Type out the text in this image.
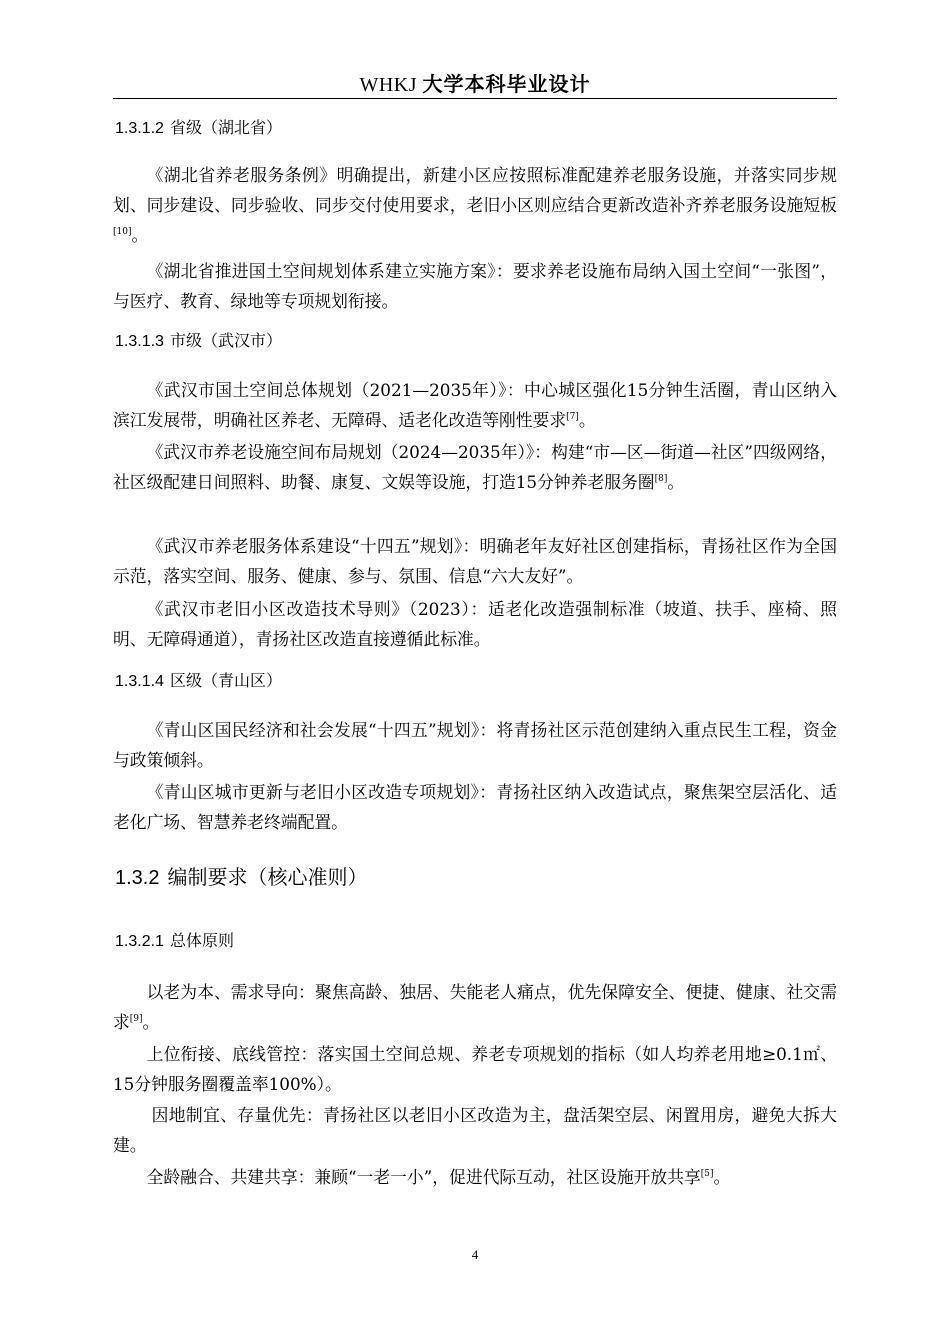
WHKJ 大学本科毕业设计
1.3.1.2 省级（湖北省）
《湖北省养老服务条例》明确提出，新建小区应按照标准配建养老服务设施，并落实同步规划、同步建设、同步验收、同步交付使用要求，老旧小区则应结合更新改造补齐养老服务设施短板[10]。
《湖北省推进国土空间规划体系建立实施方案》：要求养老设施布局纳入国土空间“一张图”，与医疗、教育、绿地等专项规划衔接。
1.3.1.3 市级（武汉市）
《武汉市国土空间总体规划（2021—2035年）》：中心城区强化15分钟生活圈，青山区纳入滨江发展带，明确社区养老、无障碍、适老化改造等刚性要求[7]。
《武汉市养老设施空间布局规划（2024—2035年）》：构建“市—区—街道—社区”四级网络，社区级配建日间照料、助餐、康复、文娱等设施，打造15分钟养老服务圈[8]。
《武汉市养老服务体系建设“十四五”规划》：明确老年友好社区创建指标，青扬社区作为全国示范，落实空间、服务、健康、参与、氛围、信息“六大友好”。
《武汉市老旧小区改造技术导则》（2023）：适老化改造强制标准（坡道、扶手、座椅、照明、无障碍通道），青扬社区改造直接遵循此标准。
1.3.1.4 区级（青山区）
《青山区国民经济和社会发展“十四五”规划》：将青扬社区示范创建纳入重点民生工程，资金与政策倾斜。
《青山区城市更新与老旧小区改造专项规划》：青扬社区纳入改造试点，聚焦架空层活化、适老化广场、智慧养老终端配置。
1.3.2 编制要求（核心准则）
1.3.2.1 总体原则
以老为本、需求导向：聚焦高龄、独居、失能老人痛点，优先保障安全、便捷、健康、社交需求[9]。
上位衔接、底线管控：落实国土空间总规、养老专项规划的指标（如人均养老用地≥0.1㎡、15分钟服务圈覆盖率100%）。
因地制宜、存量优先：青扬社区以老旧小区改造为主，盘活架空层、闲置用房，避免大拆大建。
全龄融合、共建共享：兼顾“一老一小”，促进代际互动，社区设施开放共享[5]。
4
